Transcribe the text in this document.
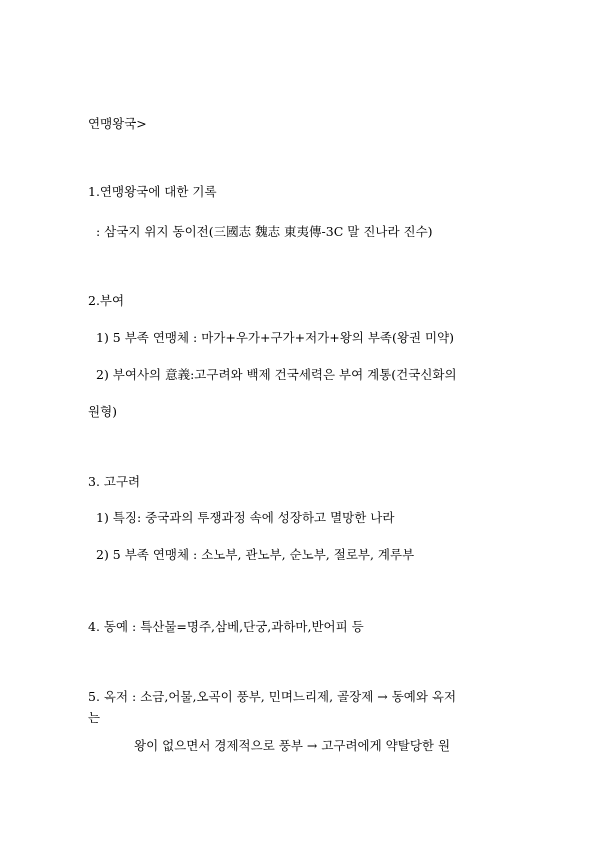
연맹왕국>
1.연맹왕국에 대한 기록
: 삼국지 위지 동이전(三國志 魏志 東夷傳-3C 말 진나라 진수)
2.부여
1) 5 부족 연맹체 : 마가+우가+구가+저가+왕의 부족(왕권 미약)
2) 부여사의 意義:고구려와 백제 건국세력은 부여 계통(건국신화의
원형)
3. 고구려
1) 특징: 중국과의 투쟁과정 속에 성장하고 멸망한 나라
2) 5 부족 연맹체 : 소노부, 관노부, 순노부, 절로부, 계루부
4. 동예 : 특산물=명주,삼베,단궁,과하마,반어피 등
5. 옥저 : 소금,어물,오곡이 풍부, 민며느리제, 골장제 → 동예와 옥저
는
왕이 없으면서 경제적으로 풍부 → 고구려에게 약탈당한 원
